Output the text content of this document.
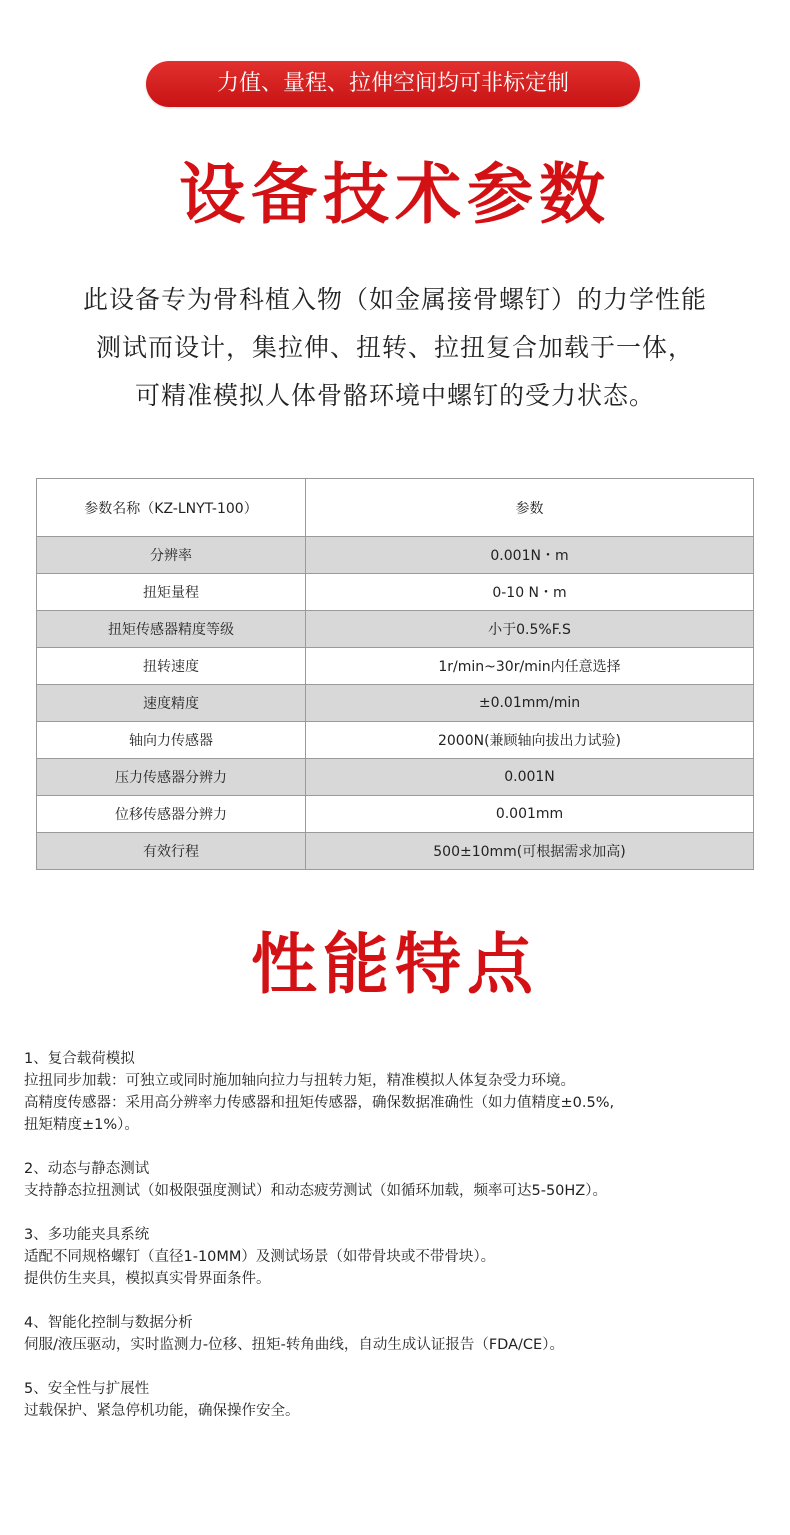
力值、量程、拉伸空间均可非标定制
设备技术参数
此设备专为骨科植入物（如金属接骨螺钉）的力学性能
测试而设计，集拉伸、扭转、拉扭复合加载于一体，
可精准模拟人体骨骼环境中螺钉的受力状态。
参数名称（KZ-LNYT-100）	参数
分辨率	0.001N・m
扭矩量程	0-10 N・m
扭矩传感器精度等级	小于0.5%F.S
扭转速度	1r/min~30r/min内任意选择
速度精度	±0.01mm/min
轴向力传感器	2000N(兼顾轴向拔出力试验)
压力传感器分辨力	0.001N
位移传感器分辨力	0.001mm
有效行程	500±10mm(可根据需求加高)
性能特点

1、复合载荷模拟

拉扭同步加载：可独立或同时施加轴向拉力与扭转力矩，精准模拟人体复杂受力环境。

高精度传感器：采用高分辨率力传感器和扭矩传感器，确保数据准确性（如力值精度±0.5%,

扭矩精度±1%）。

2、动态与静态测试

支持静态拉扭测试（如极限强度测试）和动态疲劳测试（如循环加载，频率可达5-50HZ）。

3、多功能夹具系统

适配不同规格螺钉（直径1-10MM）及测试场景（如带骨块或不带骨块）。

提供仿生夹具，模拟真实骨界面条件。

4、智能化控制与数据分析

伺服/液压驱动，实时监测力-位移、扭矩-转角曲线，自动生成认证报告（FDA/CE）。

5、安全性与扩展性

过载保护、紧急停机功能，确保操作安全。
